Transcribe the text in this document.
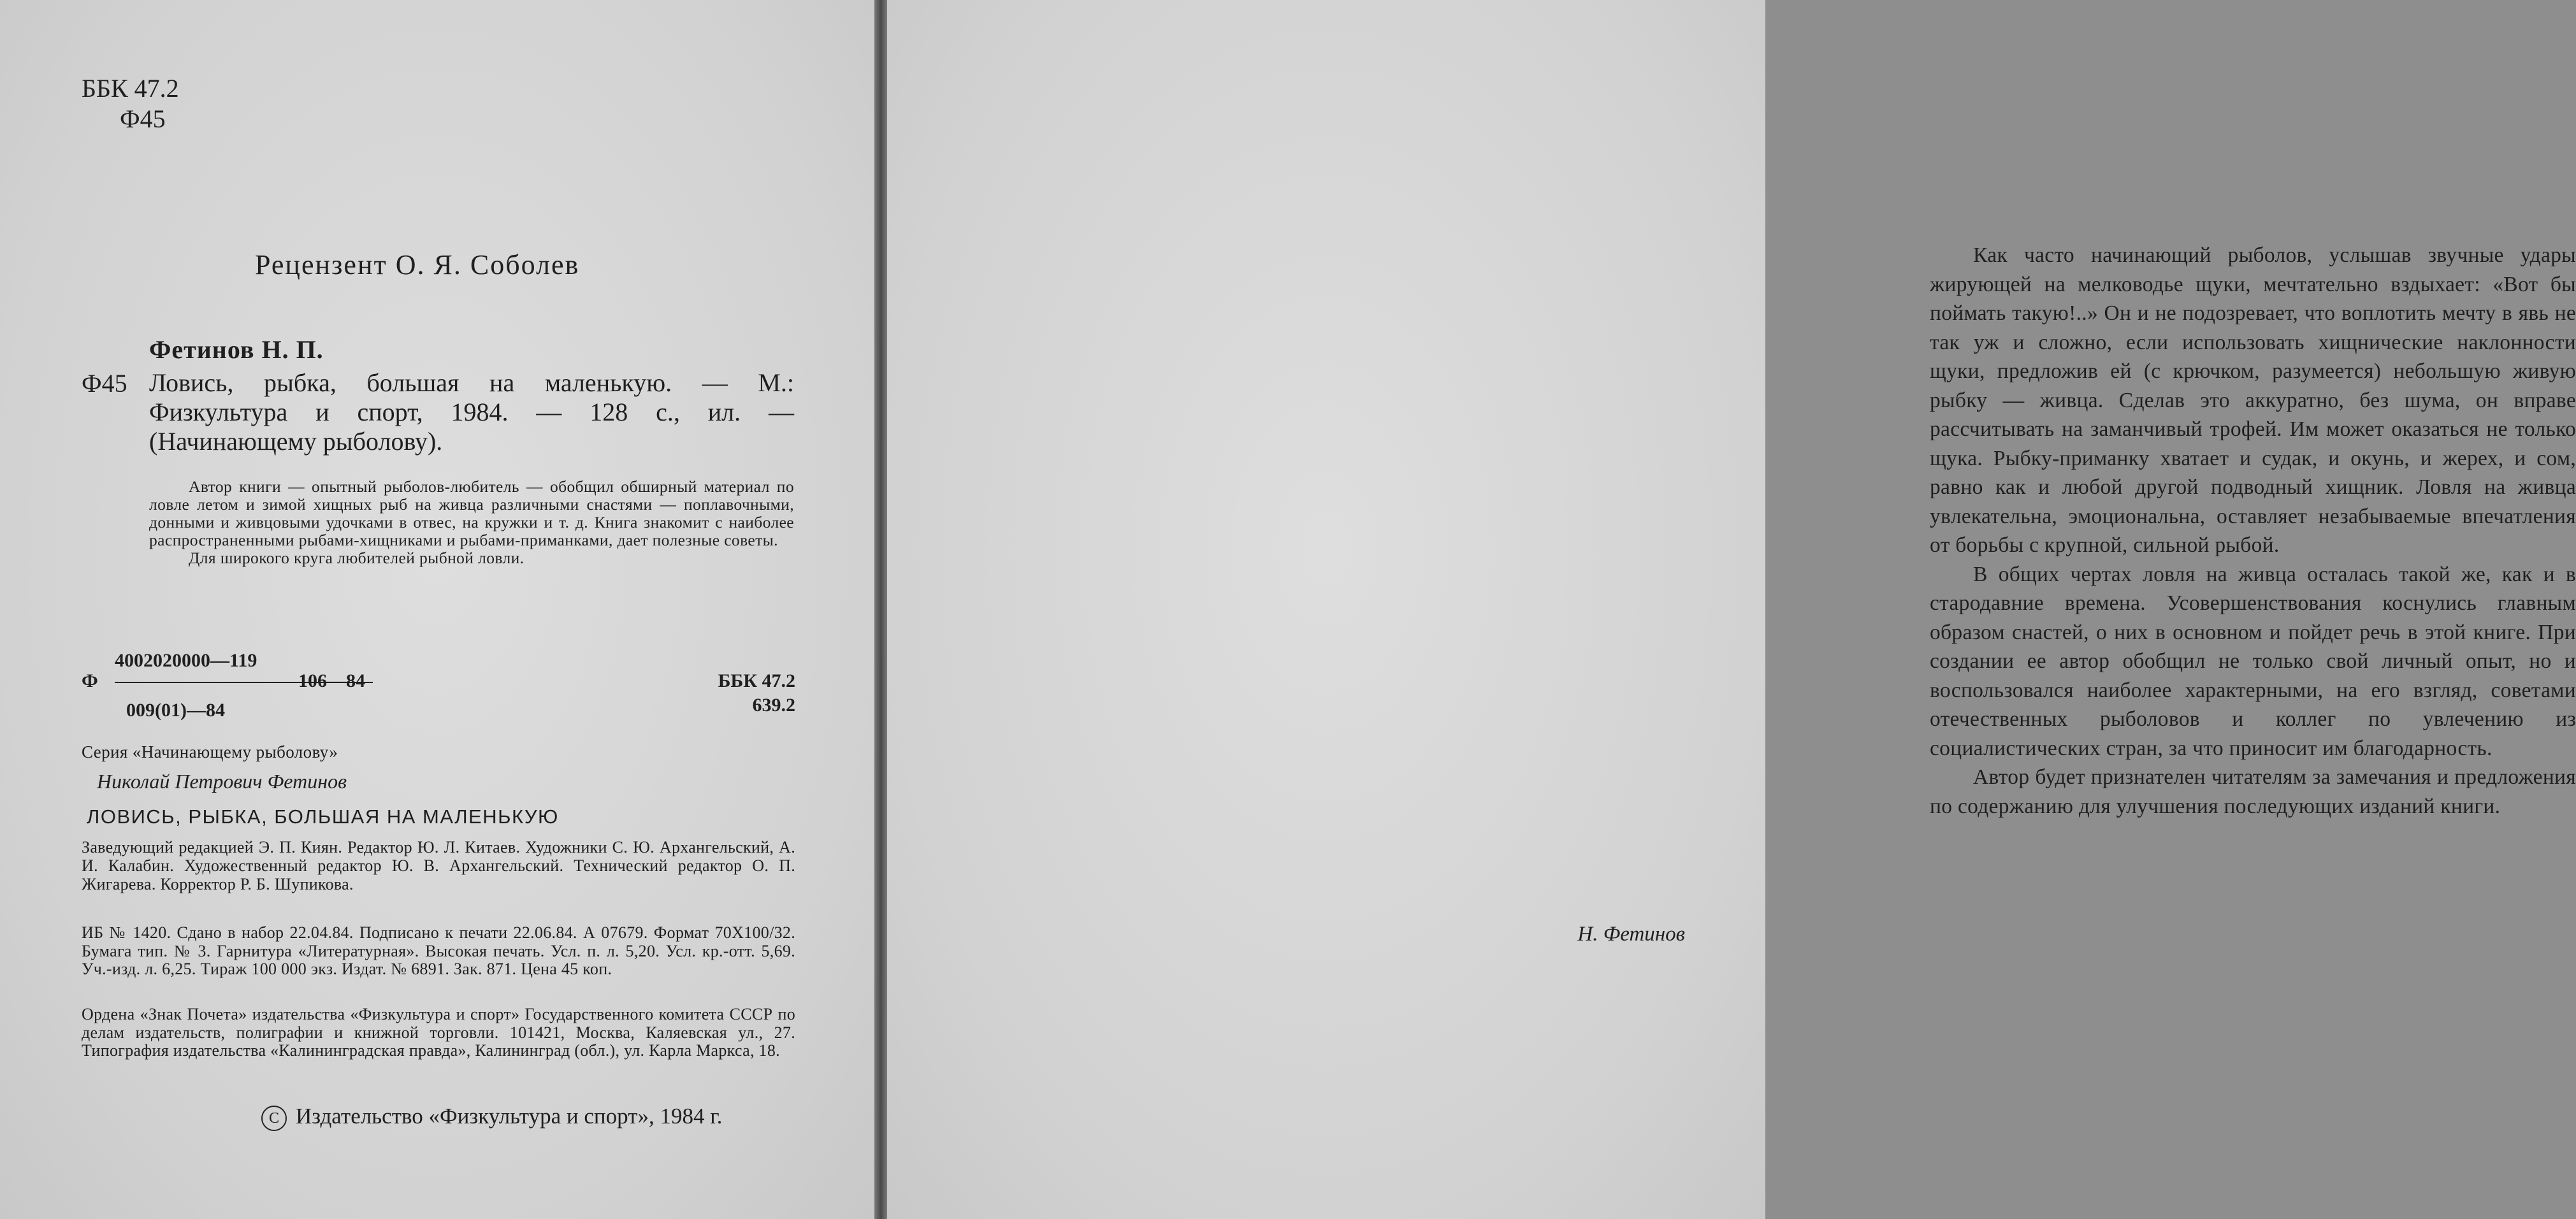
ББК 47.2
Ф45
Рецензент О. Я. Соболев
Фетинов Н. П.
Ф45 Ловись, рыбка, большая на маленькую. — М.: Физкультура и спорт, 1984. — 128 с., ил. — (Начинающему рыболову).

Автор книги — опытный рыболов-любитель — обобщил обширный материал по ловле летом и зимой хищных рыб на живца различными снастями — поплавочными, донными и живцовыми удочками в отвес, на кружки и т. д. Книга знакомит с наиболее распространенными рыбами-хищниками и рыбами-приманками, дает полезные советы.

Для широкого круга любителей рыбной ловли.

Ф
4002020000—119
009(01)—84
106—84	ББК 47.2
639.2
Серия «Начинающему рыболову»
Николай Петрович Фетинов
ЛОВИСЬ, РЫБКА, БОЛЬШАЯ НА МАЛЕНЬКУЮ
Заведующий редакцией Э. П. Киян. Редактор Ю. Л. Китаев. Художники С. Ю. Архангельский, А. И. Калабин. Художественный редактор Ю. В. Архангельский. Технический редактор О. П. Жигарева. Корректор Р. Б. Шупикова.
ИБ № 1420. Сдано в набор 22.04.84. Подписано к печати 22.06.84. А 07679. Формат 70Х100/32. Бумага тип. № 3. Гарнитура «Литературная». Высокая печать. Усл. п. л. 5,20. Усл. кр.-отт. 5,69. Уч.-изд. л. 6,25. Тираж 100 000 экз. Издат. № 6891. Зак. 871. Цена 45 коп.
Ордена «Знак Почета» издательства «Физкультура и спорт» Государственного комитета СССР по делам издательств, полиграфии и книжной торговли. 101421, Москва, Каляевская ул., 27. Типография издательства «Калининградская правда», Калининград (обл.), ул. Карла Маркса, 18.
C Издательство «Физкультура и спорт», 1984 г.

Как часто начинающий рыболов, услышав звучные удары жирующей на мелководье щуки, мечтательно вздыхает: «Вот бы поймать такую!..» Он и не подозревает, что воплотить мечту в явь не так уж и сложно, если использовать хищнические наклонности щуки, предложив ей (с крючком, разумеется) небольшую живую рыбку — живца. Сделав это аккуратно, без шума, он вправе рассчитывать на заманчивый трофей. Им может оказаться не только щука. Рыбку-приманку хватает и судак, и окунь, и жерех, и сом, равно как и любой другой подводный хищник. Ловля на живца увлекательна, эмоциональна, оставляет незабываемые впечатления от борьбы с крупной, сильной рыбой.

В общих чертах ловля на живца осталась такой же, как и в стародавние времена. Усовершенствования коснулись главным образом снастей, о них в основном и пойдет речь в этой книге. При создании ее автор обобщил не только свой личный опыт, но и воспользовался наиболее характерными, на его взгляд, советами отечественных рыболовов и коллег по увлечению из социалистических стран, за что приносит им благодарность.

Автор будет признателен читателям за замечания и предложения по содержанию для улучшения последующих изданий книги.

Н. Фетинов
